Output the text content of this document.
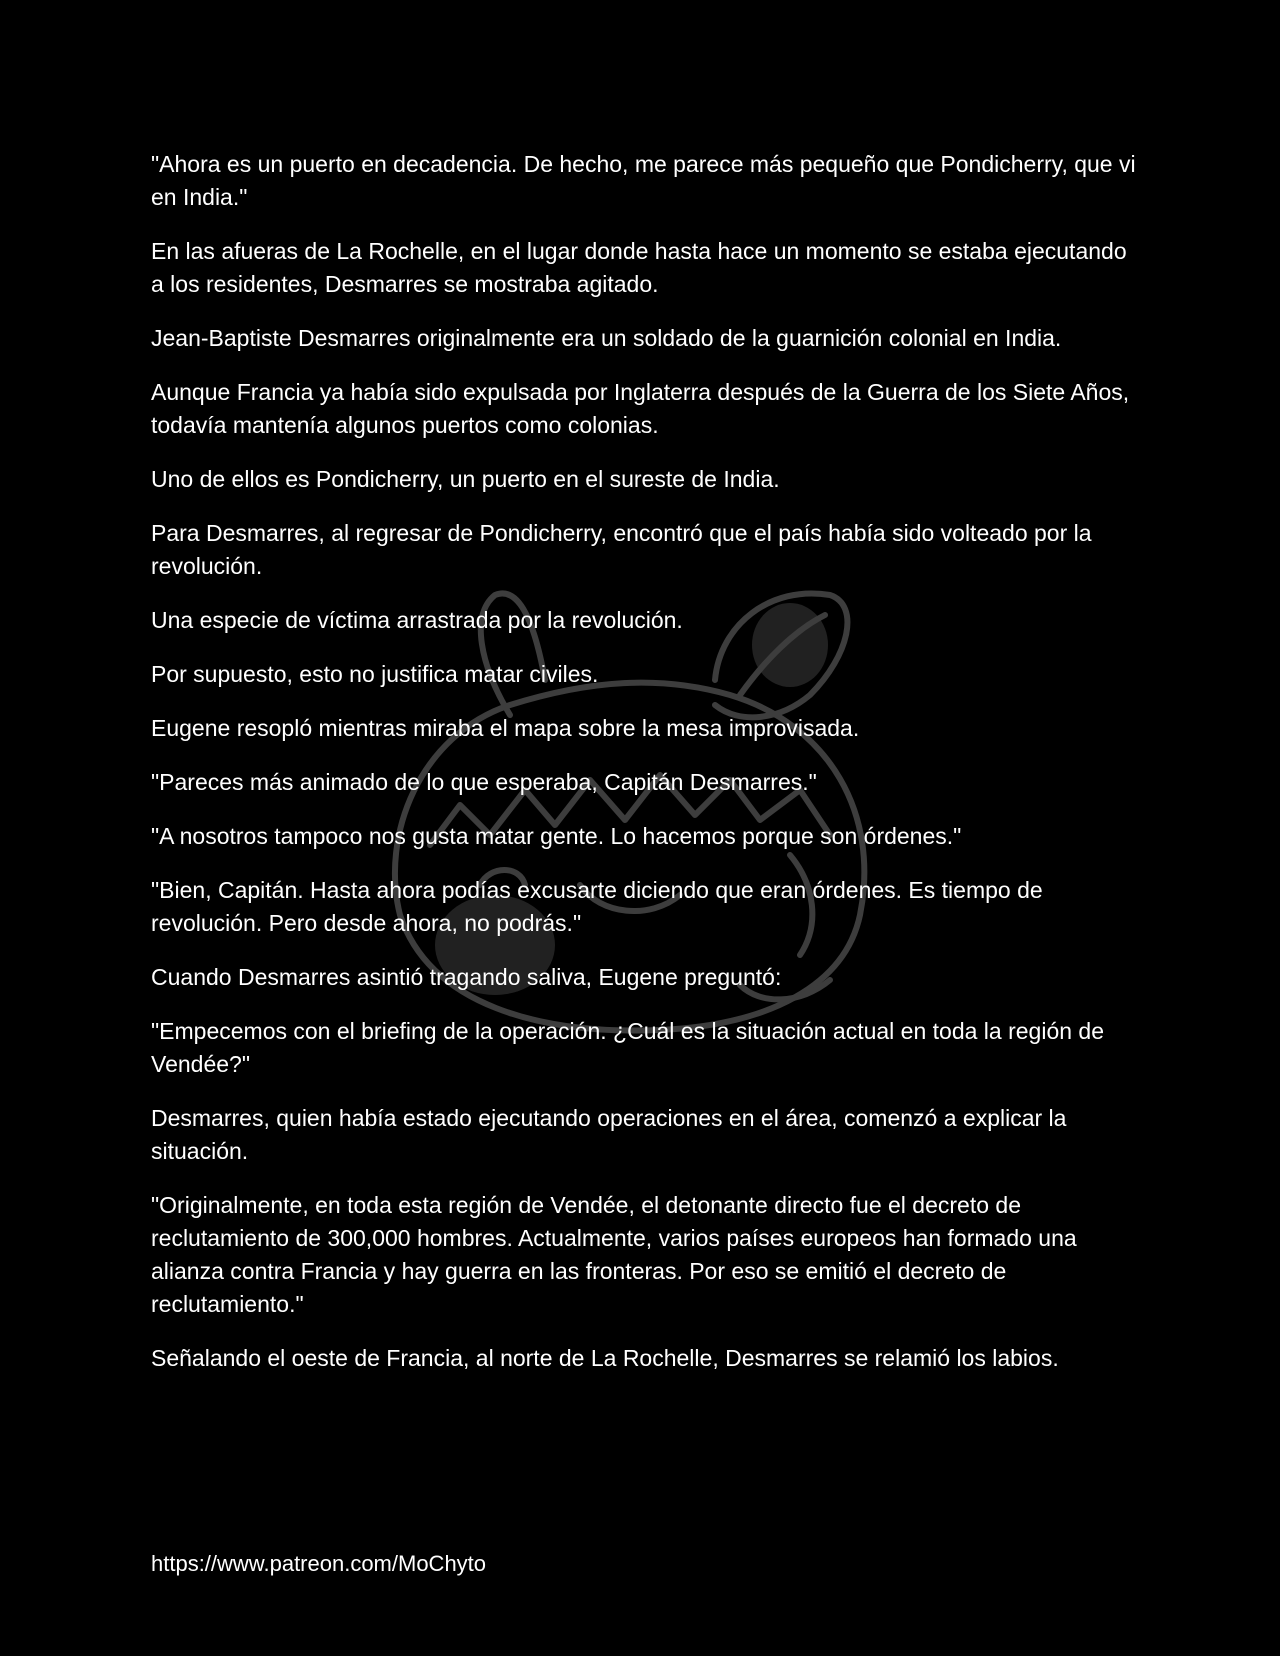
"Ahora es un puerto en decadencia. De hecho, me parece más pequeño que Pondicherry, que vi en India."

En las afueras de La Rochelle, en el lugar donde hasta hace un momento se estaba ejecutando a los residentes, Desmarres se mostraba agitado.

Jean-Baptiste Desmarres originalmente era un soldado de la guarnición colonial en India.

Aunque Francia ya había sido expulsada por Inglaterra después de la Guerra de los Siete Años, todavía mantenía algunos puertos como colonias.

Uno de ellos es Pondicherry, un puerto en el sureste de India.

Para Desmarres, al regresar de Pondicherry, encontró que el país había sido volteado por la revolución.

Una especie de víctima arrastrada por la revolución.

Por supuesto, esto no justifica matar civiles.

Eugene resopló mientras miraba el mapa sobre la mesa improvisada.

"Pareces más animado de lo que esperaba, Capitán Desmarres."

"A nosotros tampoco nos gusta matar gente. Lo hacemos porque son órdenes."

"Bien, Capitán. Hasta ahora podías excusarte diciendo que eran órdenes. Es tiempo de revolución. Pero desde ahora, no podrás."

Cuando Desmarres asintió tragando saliva, Eugene preguntó:

"Empecemos con el briefing de la operación. ¿Cuál es la situación actual en toda la región de Vendée?"

Desmarres, quien había estado ejecutando operaciones en el área, comenzó a explicar la situación.

"Originalmente, en toda esta región de Vendée, el detonante directo fue el decreto de reclutamiento de 300,000 hombres. Actualmente, varios países europeos han formado una alianza contra Francia y hay guerra en las fronteras. Por eso se emitió el decreto de reclutamiento."

Señalando el oeste de Francia, al norte de La Rochelle, Desmarres se relamió los labios.

https://www.patreon.com/MoChyto
